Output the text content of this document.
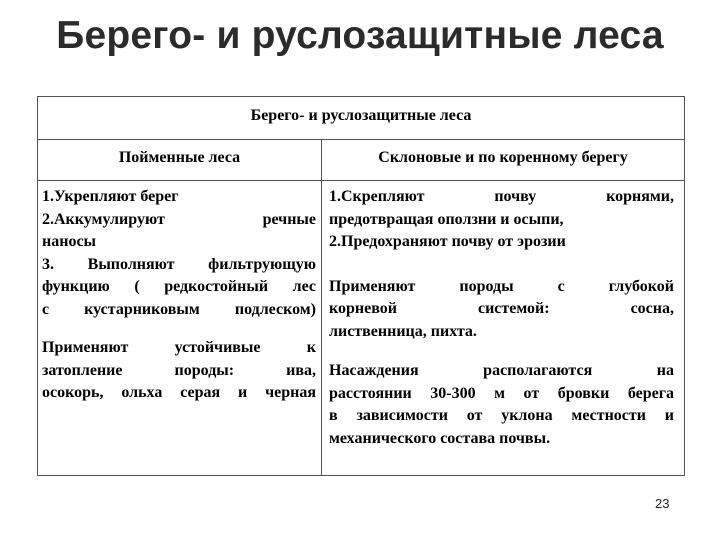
Берего- и руслозащитные леса
Берего- и руслозащитные леса
Пойменные леса	Склоновые и по коренному берегу
1.Укрепляют берег
2.Аккумулируют речные
наносы
3. Выполняют фильтрующую
функцию ( редкостойный лес
с кустарниковым подлеском)
Применяют устойчивые к
затопление породы: ива,
осокорь, ольха серая и черная
1.Скрепляют почву корнями,
предотвращая оползни и осыпи,
2.Предохраняют почву от эрозии
Применяют породы с глубокой
корневой системой: сосна,
лиственница, пихта.
Насаждения располагаются на
расстоянии 30-300 м от бровки берега
в зависимости от уклона местности и
механического состава почвы.
23
